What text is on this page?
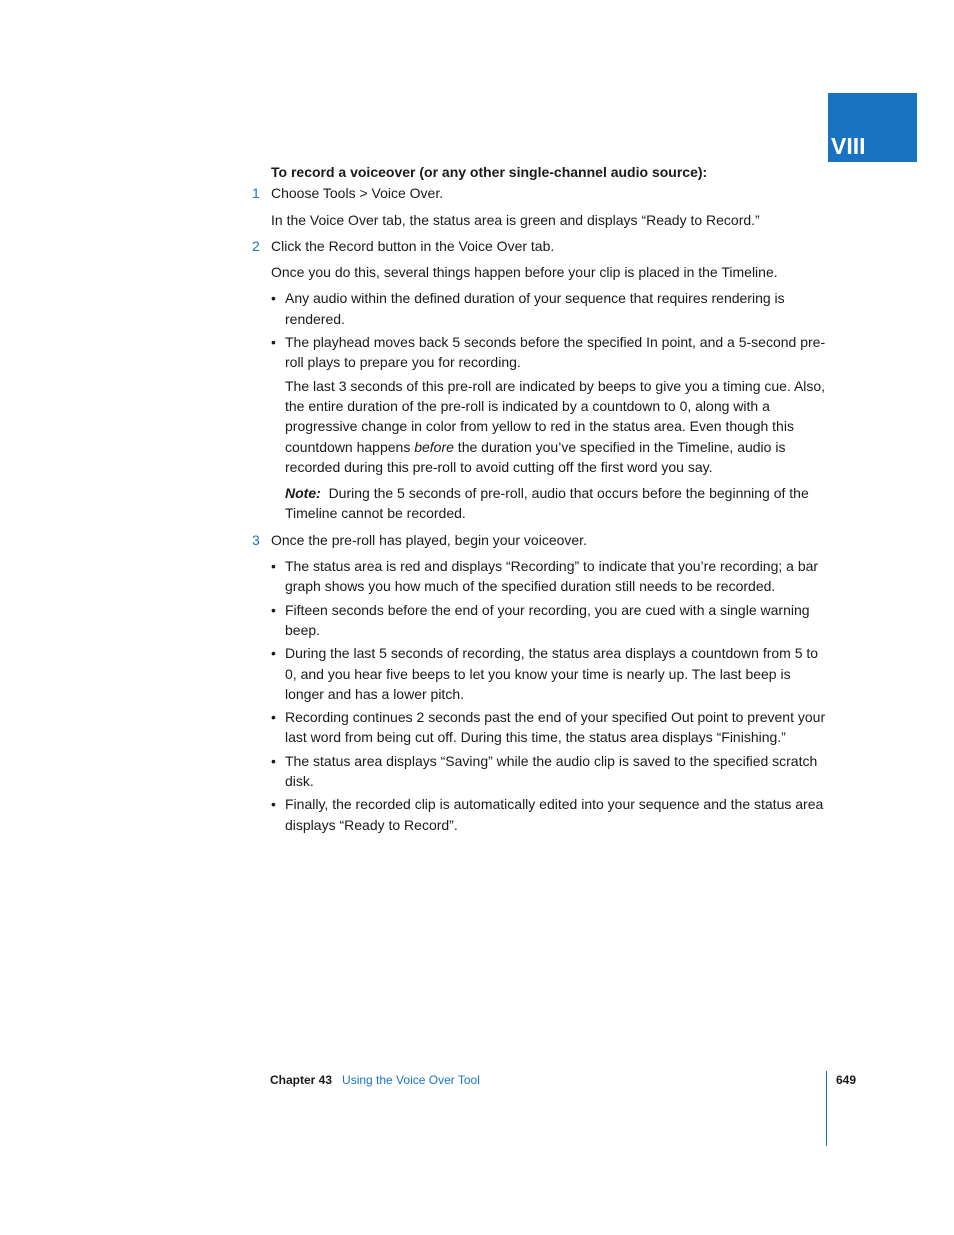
VIII
To record a voiceover (or any other single-channel audio source):
1 Choose Tools > Voice Over.
In the Voice Over tab, the status area is green and displays “Ready to Record.”
2 Click the Record button in the Voice Over tab.
Once you do this, several things happen before your clip is placed in the Timeline.
• Any audio within the defined duration of your sequence that requires rendering is rendered.
• The playhead moves back 5 seconds before the specified In point, and a 5-second pre-roll plays to prepare you for recording.
The last 3 seconds of this pre-roll are indicated by beeps to give you a timing cue. Also, the entire duration of the pre-roll is indicated by a countdown to 0, along with a progressive change in color from yellow to red in the status area. Even though this countdown happens before the duration you’ve specified in the Timeline, audio is recorded during this pre-roll to avoid cutting off the first word you say.
Note: During the 5 seconds of pre-roll, audio that occurs before the beginning of the Timeline cannot be recorded.
3 Once the pre-roll has played, begin your voiceover.
• The status area is red and displays “Recording” to indicate that you’re recording; a bar graph shows you how much of the specified duration still needs to be recorded.
• Fifteen seconds before the end of your recording, you are cued with a single warning beep.
• During the last 5 seconds of recording, the status area displays a countdown from 5 to 0, and you hear five beeps to let you know your time is nearly up. The last beep is longer and has a lower pitch.
• Recording continues 2 seconds past the end of your specified Out point to prevent your last word from being cut off. During this time, the status area displays “Finishing.”
• The status area displays “Saving” while the audio clip is saved to the specified scratch disk.
• Finally, the recorded clip is automatically edited into your sequence and the status area displays “Ready to Record”.
Chapter 43 Using the Voice Over Tool	649
